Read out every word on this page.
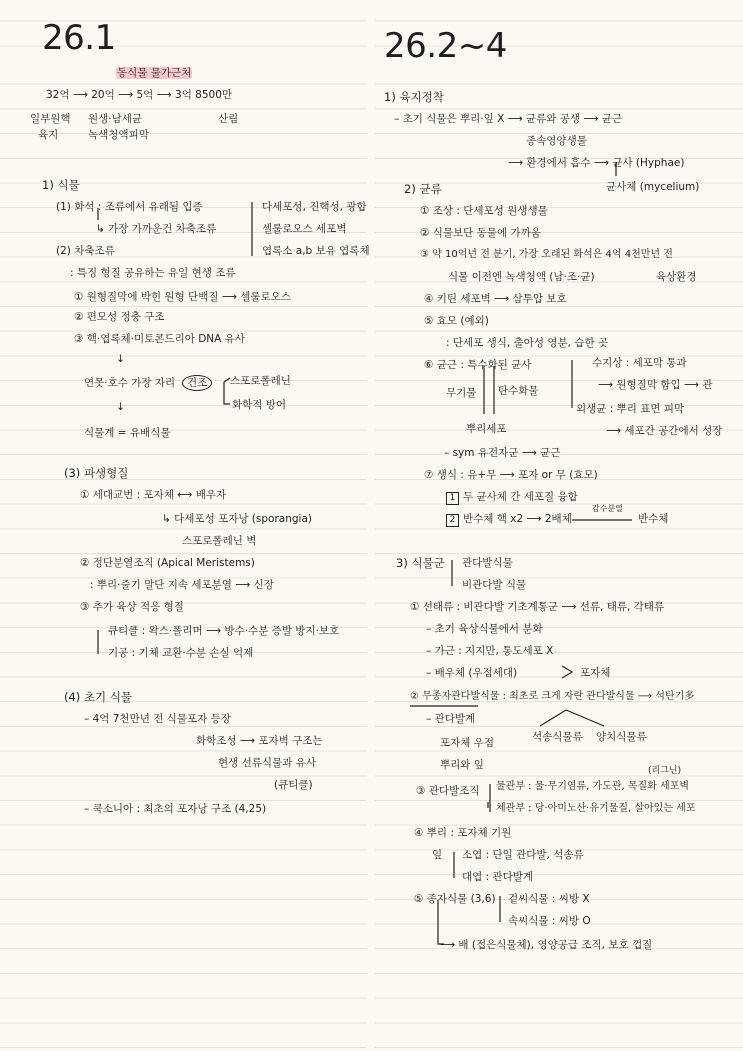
26.1
동식물 물가근처
32억 ⟶ 20억 ⟶ 5억 ⟶ 3억 8500만
일부원핵 원생·남세균	산림
육지	녹색청액피막
1) 식물
(1) 화석 : 조류에서 유래됨 입증
↳ 가장 가까운건 차축조류
다세포성, 진핵성, 광합
셀룰로오스 세포벽
엽록소 a,b 보유 엽록체
(2) 차축조류
: 특징 형질 공유하는 유일 현생 조류
① 원형질막에 박힌 원형 단백질 ⟶ 셀룰로오스
② 편모성 정충 구조
③ 핵·엽록체·미토콘드리아 DNA 유사
↓
연못·호수 가장 자리	건조	스포로폴레닌
화학적 방어
↓
식물계 = 유배식물
(3) 파생형질
① 세대교번 : 포자체 ⟷ 배우자
↳ 다세포성 포자낭 (sporangia)
스포로폴레닌 벽
② 정단분열조직 (Apical Meristems)
: 뿌리·줄기 말단 지속 세포분열 ⟶ 신장
③ 추가 육상 적응 형질
큐티클 : 왁스·폴리머 ⟶ 방수·수분 증발 방지·보호
기공 : 기체 교환·수분 손실 억제
(4) 초기 식물
– 4억 7천만년 전 식물포자 등장
화학조성 ⟶ 포자벽 구조는
현생 선류식물과 유사
(큐티클)
– 쿡소니아 : 최초의 포자낭 구조 (4,25)
26.2~4
1) 육지정착
– 초기 식물은 뿌리·잎 X ⟶ 균류와 공생 ⟶ 균근
종속영양생물
⟶ 환경에서 흡수 ⟶ 균사 (Hyphae)
균사체 (mycelium)
2) 균류
① 조상 : 단세포성 원생생물
② 식물보단 동물에 가까움
③ 약 10억년 전 분기, 가장 오래된 화석은 4억 4천만년 전
식물 이전엔 녹색청액 (남·조·균)	육상환경
④ 키틴 세포벽 ⟶ 삼투압 보호
⑤ 효모 (예외)
: 단세포 생식, 출아성 영분, 습한 곳
⑥ 균근 : 특수화된 균사	수지상 : 세포막 통과
⟶ 원형질막 함입 ⟶ 관
외생균 : 뿌리 표면 피막
⟶ 세포간 공간에서 성장
무기물 탄수화물
뿌리세포
– sym 유전자군 ⟶ 균근
⑦ 생식 : 유+무 ⟶ 포자 or 무 (효모)
1 두 균사체 간 세포질 융합
2 반수체 핵 x2 ⟶ 2배체
감수분열
반수체
3) 식물군 관다발식물
비관다발 식물
① 선태류 : 비관다발 기초계통군 ⟶ 선류, 태류, 각태류
– 초기 육상식물에서 분화
– 가근 : 지지만, 통도세포 X
– 배우체 (우점세대)	포자체
② 무종자관다발식물 : 최초로 크게 자란 관다발식물 ⟶ 석탄기多
– 관다발계
포자체 우점	석송식물류 양치식물류
뿌리와 잎
③ 관다발조직
(리그닌)
물관부 : 물·무기염류, 가도관, 목질화 세포벽
체관부 : 당·아미노산·유기물질, 살아있는 세포
④ 뿌리 : 포자체 기원
잎 소엽 : 단일 관다발, 석송류
대엽 : 관다발계
⑤ 종자식물 (3,6) 겉씨식물 : 씨방 X
속씨식물 : 씨방 O
⟶ 배 (접은식물체), 영양공급 조직, 보호 껍질
